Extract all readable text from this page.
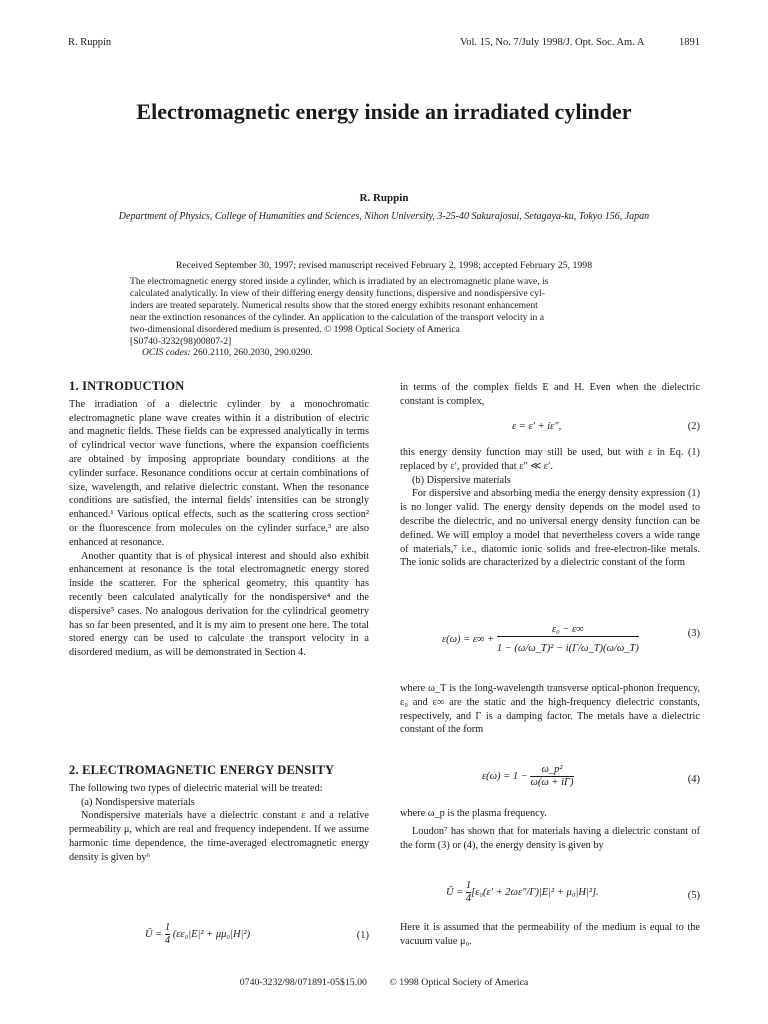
R. Ruppin	Vol. 15, No. 7/July 1998/J. Opt. Soc. Am. A	1891
Electromagnetic energy inside an irradiated cylinder
R. Ruppin
Department of Physics, College of Humanities and Sciences, Nihon University, 3-25-40 Sakurajosui, Setagaya-ku, Tokyo 156, Japan
Received September 30, 1997; revised manuscript received February 2, 1998; accepted February 25, 1998
The electromagnetic energy stored inside a cylinder, which is irradiated by an electromagnetic plane wave, is
calculated analytically. In view of their differing energy density functions, dispersive and nondispersive cyl-
inders are treated separately. Numerical results show that the stored energy exhibits resonant enhancement
near the extinction resonances of the cylinder. An application to the calculation of the transport velocity in a
two-dimensional disordered medium is presented. © 1998 Optical Society of America
[S0740-3232(98)00807-2]
OCIS codes: 260.2110, 260.2030, 290.0290.
1. INTRODUCTION

The irradiation of a dielectric cylinder by a monochromatic electromagnetic plane wave creates within it a distribution of electric and magnetic fields. These fields can be expressed analytically in terms of cylindrical vector wave functions, where the expansion coefficients are obtained by imposing appropriate boundary conditions at the cylinder surface. Resonance conditions occur at certain combinations of size, wavelength, and relative dielectric constant. When the resonance conditions are satisfied, the internal fields' intensities can be strongly enhanced.¹ Various optical effects, such as the scattering cross section² or the fluorescence from molecules on the cylinder surface,³ are also enhanced at resonance.

Another quantity that is of physical interest and should also exhibit enhancement at resonance is the total electromagnetic energy stored inside the scatterer. For the spherical geometry, this quantity has recently been calculated analytically for the nondispersive⁴ and the dispersive⁵ cases. No analogous derivation for the cylindrical geometry has so far been presented, and it is my aim to present one here. The total stored energy can be used to calculate the transport velocity in a disordered medium, as will be demonstrated in Section 4.

2. ELECTROMAGNETIC ENERGY DENSITY

The following two types of dielectric material will be treated:

(a) Nondispersive materials

Nondispersive materials have a dielectric constant ε and a relative permeability μ, which are real and frequency independent. If we assume harmonic time dependence, the time-averaged electromagnetic energy density is given by⁶

Ū = $\frac{1}{4} (\varepsilon\varepsilon_0|E|^2 + \mu\mu_0|H|^2)$	(1)

in terms of the complex fields E and H. Even when the dielectric constant is complex,

ε = ε′ + iε″,	(2)

this energy density function may still be used, but with ε in Eq. (1) replaced by ε′, provided that ε″ ≪ ε′.

(b) Dispersive materials

For dispersive and absorbing media the energy density expression (1) is no longer valid. The energy density depends on the model used to describe the dielectric, and no universal energy density function can be defined. We will employ a model that nevertheless covers a wide range of materials,⁷ i.e., diatomic ionic solids and free-electron-like metals. The ionic solids are characterized by a dielectric constant of the form

$\varepsilon(\omega) = \varepsilon\infty + \frac{\text{ε₀ − ε∞}}{\text{1 − (ω/ω\_T)² − i(Γ/ω\_T)(ω/ω\_T)}}$	(3)

where ω_T is the long-wavelength transverse optical-phonon frequency, ε₀ and ε∞ are the static and the high-frequency dielectric constants, respectively, and Γ is a damping factor. The metals have a dielectric constant of the form

$\varepsilon(\omega) = 1 - \frac{\text{ω\_p²}}{\omega(\omega + i\Gamma)}$	(4)

where ω_p is the plasma frequency.

Loudon⁷ has shown that for materials having a dielectric constant of the form (3) or (4), the energy density is given by

Ū = $\frac{1}{4} [\varepsilon_0(\varepsilon' + 2\omega\varepsilon''/\Gamma)|E|^2 + \mu_0|H|^2]$.	(5)

Here it is assumed that the permeability of the medium is equal to the vacuum value μ₀.

0740-3232/98/071891-05$15.00 © 1998 Optical Society of America
